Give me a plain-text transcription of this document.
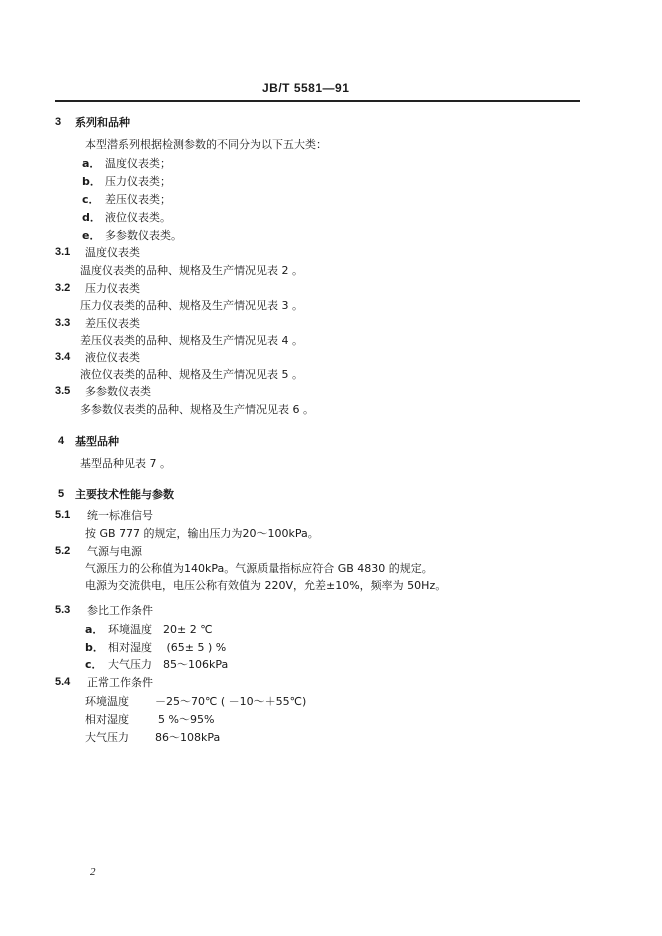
JB/T 5581—91
3 系列和品种
本型潜系列根据检测参数的不同分为以下五大类：
a． 温度仪表类；
b． 压力仪表类；
c． 差压仪表类；
d． 液位仪表类。
e． 多参数仪表类。
3.1 温度仪表类
温度仪表类的品种、规格及生产情况见表 2 。
3.2 压力仪表类
压力仪表类的品种、规格及生产情况见表 3 。
3.3 差压仪表类
差压仪表类的品种、规格及生产情况见表 4 。
3.4 液位仪表类
液位仪表类的品种、规格及生产情况见表 5 。
3.5 多参数仪表类
多参数仪表类的品种、规格及生产情况见表 6 。
4 基型品种
基型品种见表 7 。
5 主要技术性能与参数
5.1 统一标准信号
按 GB 777 的规定，输出压力为20～100kPa。
5.2 气源与电源
气源压力的公称值为140kPa。气源质量指标应符合 GB 4830 的规定。
电源为交流供电，电压公称有效值为 220V，允差±10%，频率为 50Hz。
5.3 参比工作条件
a． 环境温度　20± 2 ℃
b． 相对湿度　 (65± 5 ) %
c． 大气压力　85～106kPa
5.4 正常工作条件
环境温度 －25～70℃ ( －10～＋55℃)
相对湿度	5 %～95%
大气压力 86～108kPa
2
